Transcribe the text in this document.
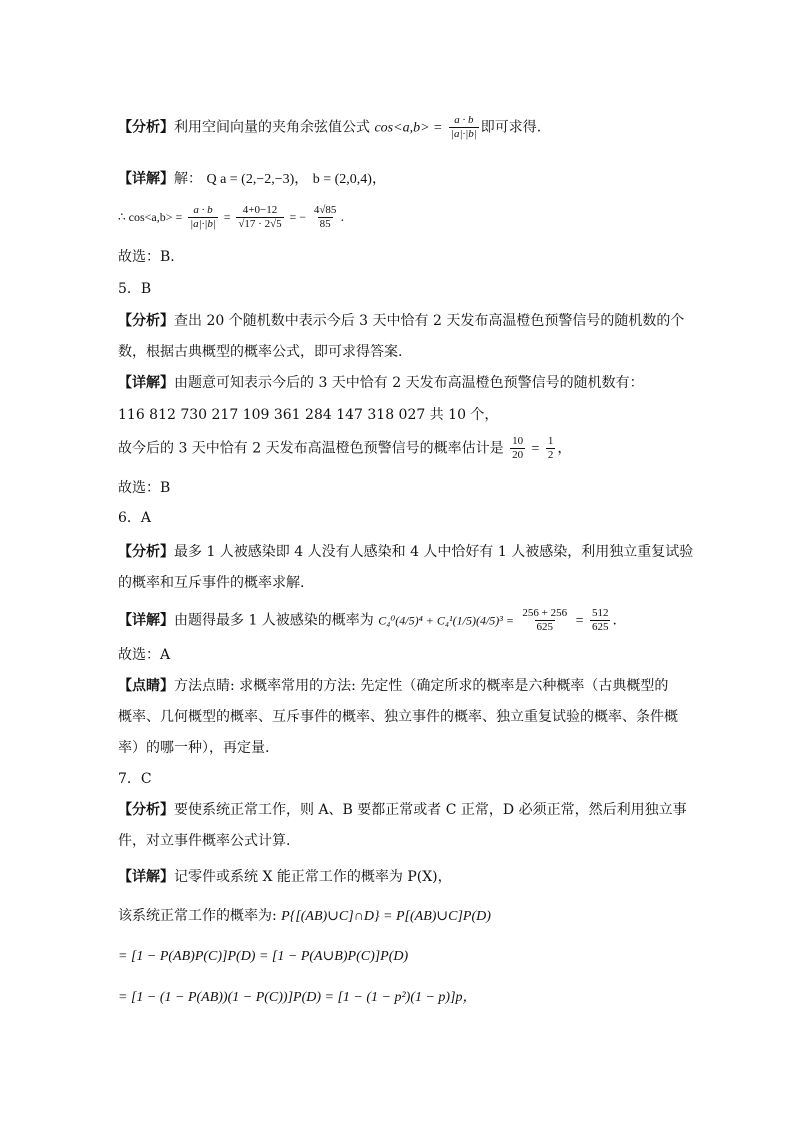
【分析】利用空间向量的夹角余弦值公式 $\cos<a,b> = \frac{a \cdot b}{|a|\cdot|b|}$ 即可求得.
【详解】解： Q a = (2,−2,−3)， b = (2,0,4)，
∴ $\cos<a,b> = \frac{a \cdot b}{|a|\cdot|b|} = \frac{4+0-12}{√17 \cdot 2√5}$ = − $\frac{4√85}{85}$ .
故选：B.
5．B
【分析】查出 20 个随机数中表示今后 3 天中恰有 2 天发布高温橙色预警信号的随机数的个
数，根据古典概型的概率公式，即可求得答案.
【详解】由题意可知表示今后的 3 天中恰有 2 天发布高温橙色预警信号的随机数有：
116 812 730 217 109 361 284 147 318 027 共 10 个，
故今后的 3 天中恰有 2 天发布高温橙色预警信号的概率估计是 $\frac{10}{20} = \frac{1}{2}$ ，
故选：B
6．A
【分析】最多 1 人被感染即 4 人没有人感染和 4 人中恰好有 1 人被感染，利用独立重复试验
的概率和互斥事件的概率求解.
【详解】由题得最多 1 人被感染的概率为 $C_4^0(4/5)^4 + C_4^1(1/5)(4/5)^3 = \frac{256 + 256}{625} = \frac{512}{625}$ .
故选：A
【点睛】方法点睛: 求概率常用的方法: 先定性（确定所求的概率是六种概率（古典概型的
概率、几何概型的概率、互斥事件的概率、独立事件的概率、独立重复试验的概率、条件概
率）的哪一种），再定量.
7．C
【分析】要使系统正常工作，则 A、B 要都正常或者 C 正常，D 必须正常，然后利用独立事
件，对立事件概率公式计算.
【详解】记零件或系统 X 能正常工作的概率为 P(X)，
该系统正常工作的概率为: P{[(AB)∪C]∩D} = P[(AB)∪C]P(D)
= [1 − P(AB)P(C)]P(D) = [1 − P(A∪B)P(C)]P(D)
= [1 − (1 − P(AB))(1 − P(C))]P(D) = [1 − (1 − p²)(1 − p)]p，
